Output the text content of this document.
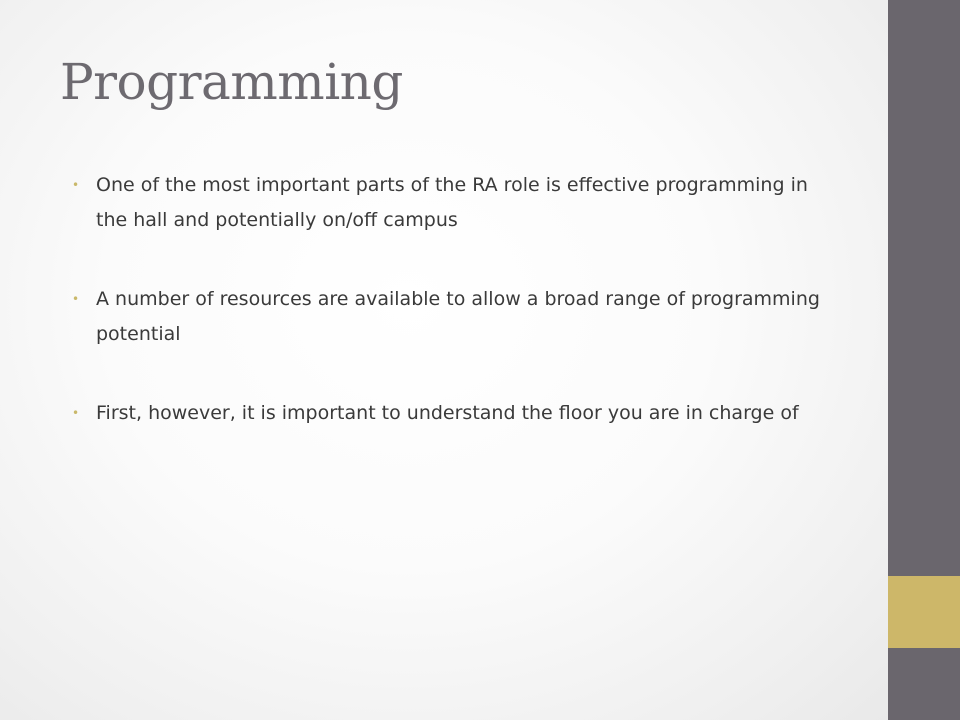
Programming
• One of the most important parts of the RA role is effective programming in the hall and potentially on/off campus
• A number of resources are available to allow a broad range of programming potential
• First, however, it is important to understand the floor you are in charge of
